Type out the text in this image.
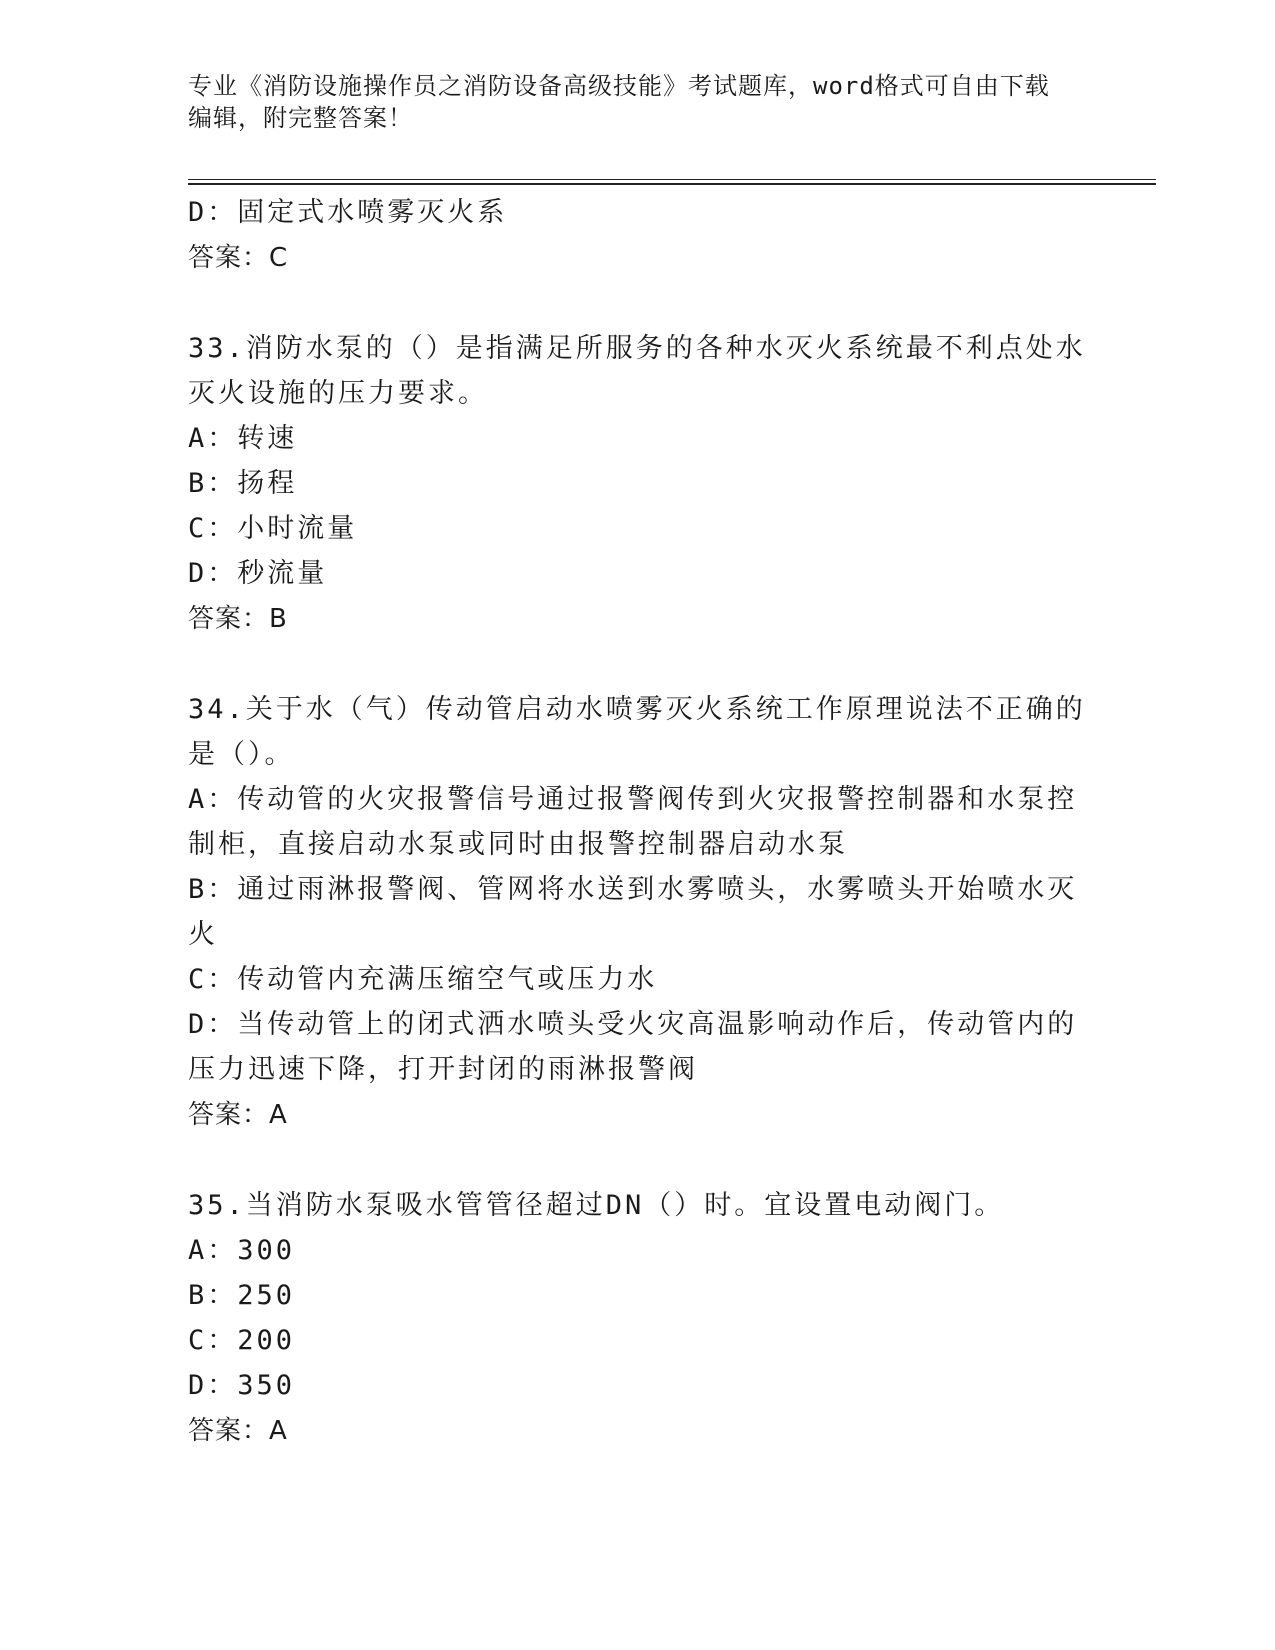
专业《消防设施操作员之消防设备高级技能》考试题库，word格式可自由下载编辑，附完整答案！
D：固定式水喷雾灭火系
答案：C
33.消防水泵的（）是指满足所服务的各种水灭火系统最不利点处水灭火设施的压力要求。
A：转速
B：扬程
C：小时流量
D：秒流量
答案：B
34.关于水（气）传动管启动水喷雾灭火系统工作原理说法不正确的是（）。
A：传动管的火灾报警信号通过报警阀传到火灾报警控制器和水泵控制柜，直接启动水泵或同时由报警控制器启动水泵
B：通过雨淋报警阀、管网将水送到水雾喷头，水雾喷头开始喷水灭火
C：传动管内充满压缩空气或压力水
D：当传动管上的闭式洒水喷头受火灾高温影响动作后，传动管内的压力迅速下降，打开封闭的雨淋报警阀
答案：A
35.当消防水泵吸水管管径超过DN（）时。宜设置电动阀门。
A：300
B：250
C：200
D：350
答案：A
